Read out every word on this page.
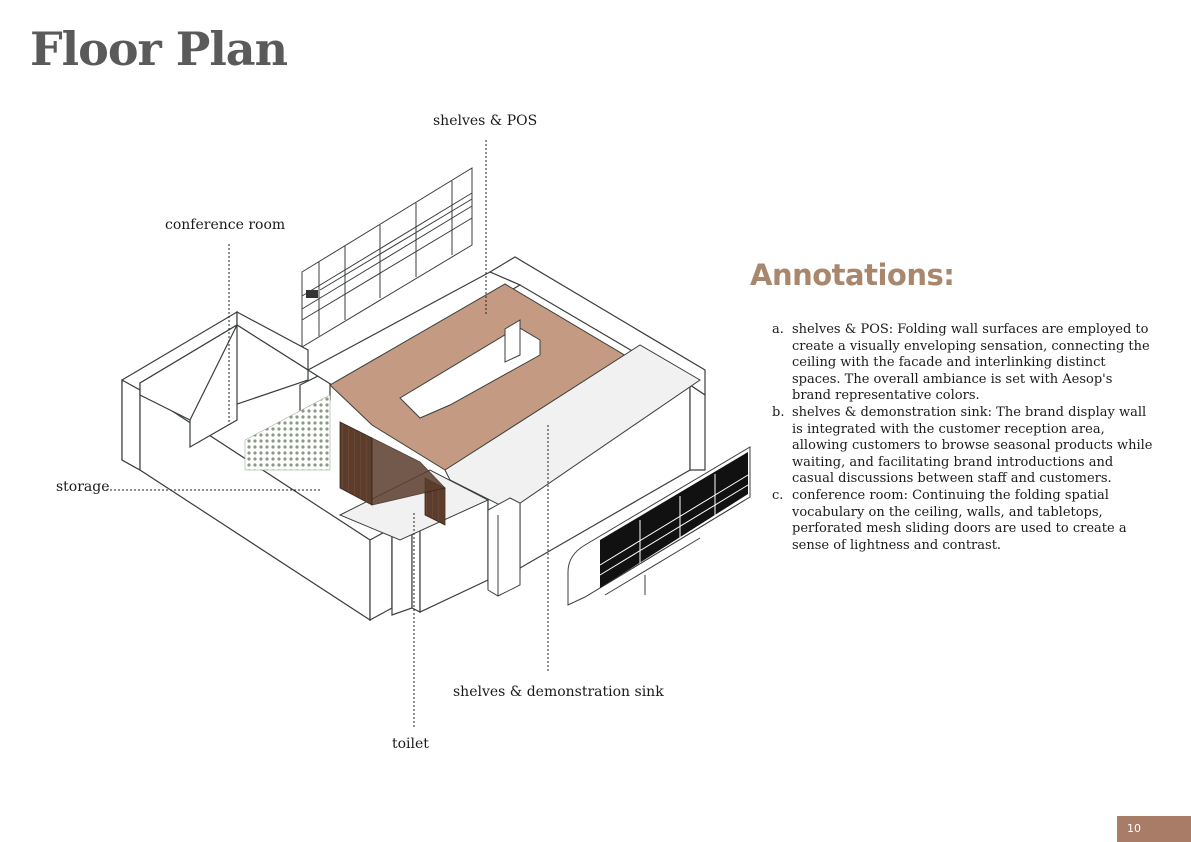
Floor Plan
shelves & POS
conference room
storage
shelves & demonstration sink
toilet
Annotations:
a. shelves & POS: Folding wall surfaces are employed to create a visually enveloping sensation, connecting the ceiling with the facade and interlinking distinct spaces. The overall ambiance is set with Aesop's brand representative colors.
b. shelves & demonstration sink: The brand display wall is integrated with the customer reception area, allowing customers to browse seasonal products while waiting, and facilitating brand introductions and casual discussions between staff and customers.
c. conference room: Continuing the folding spatial vocabulary on the ceiling, walls, and tabletops, perforated mesh sliding doors are used to create a sense of lightness and contrast.
10
